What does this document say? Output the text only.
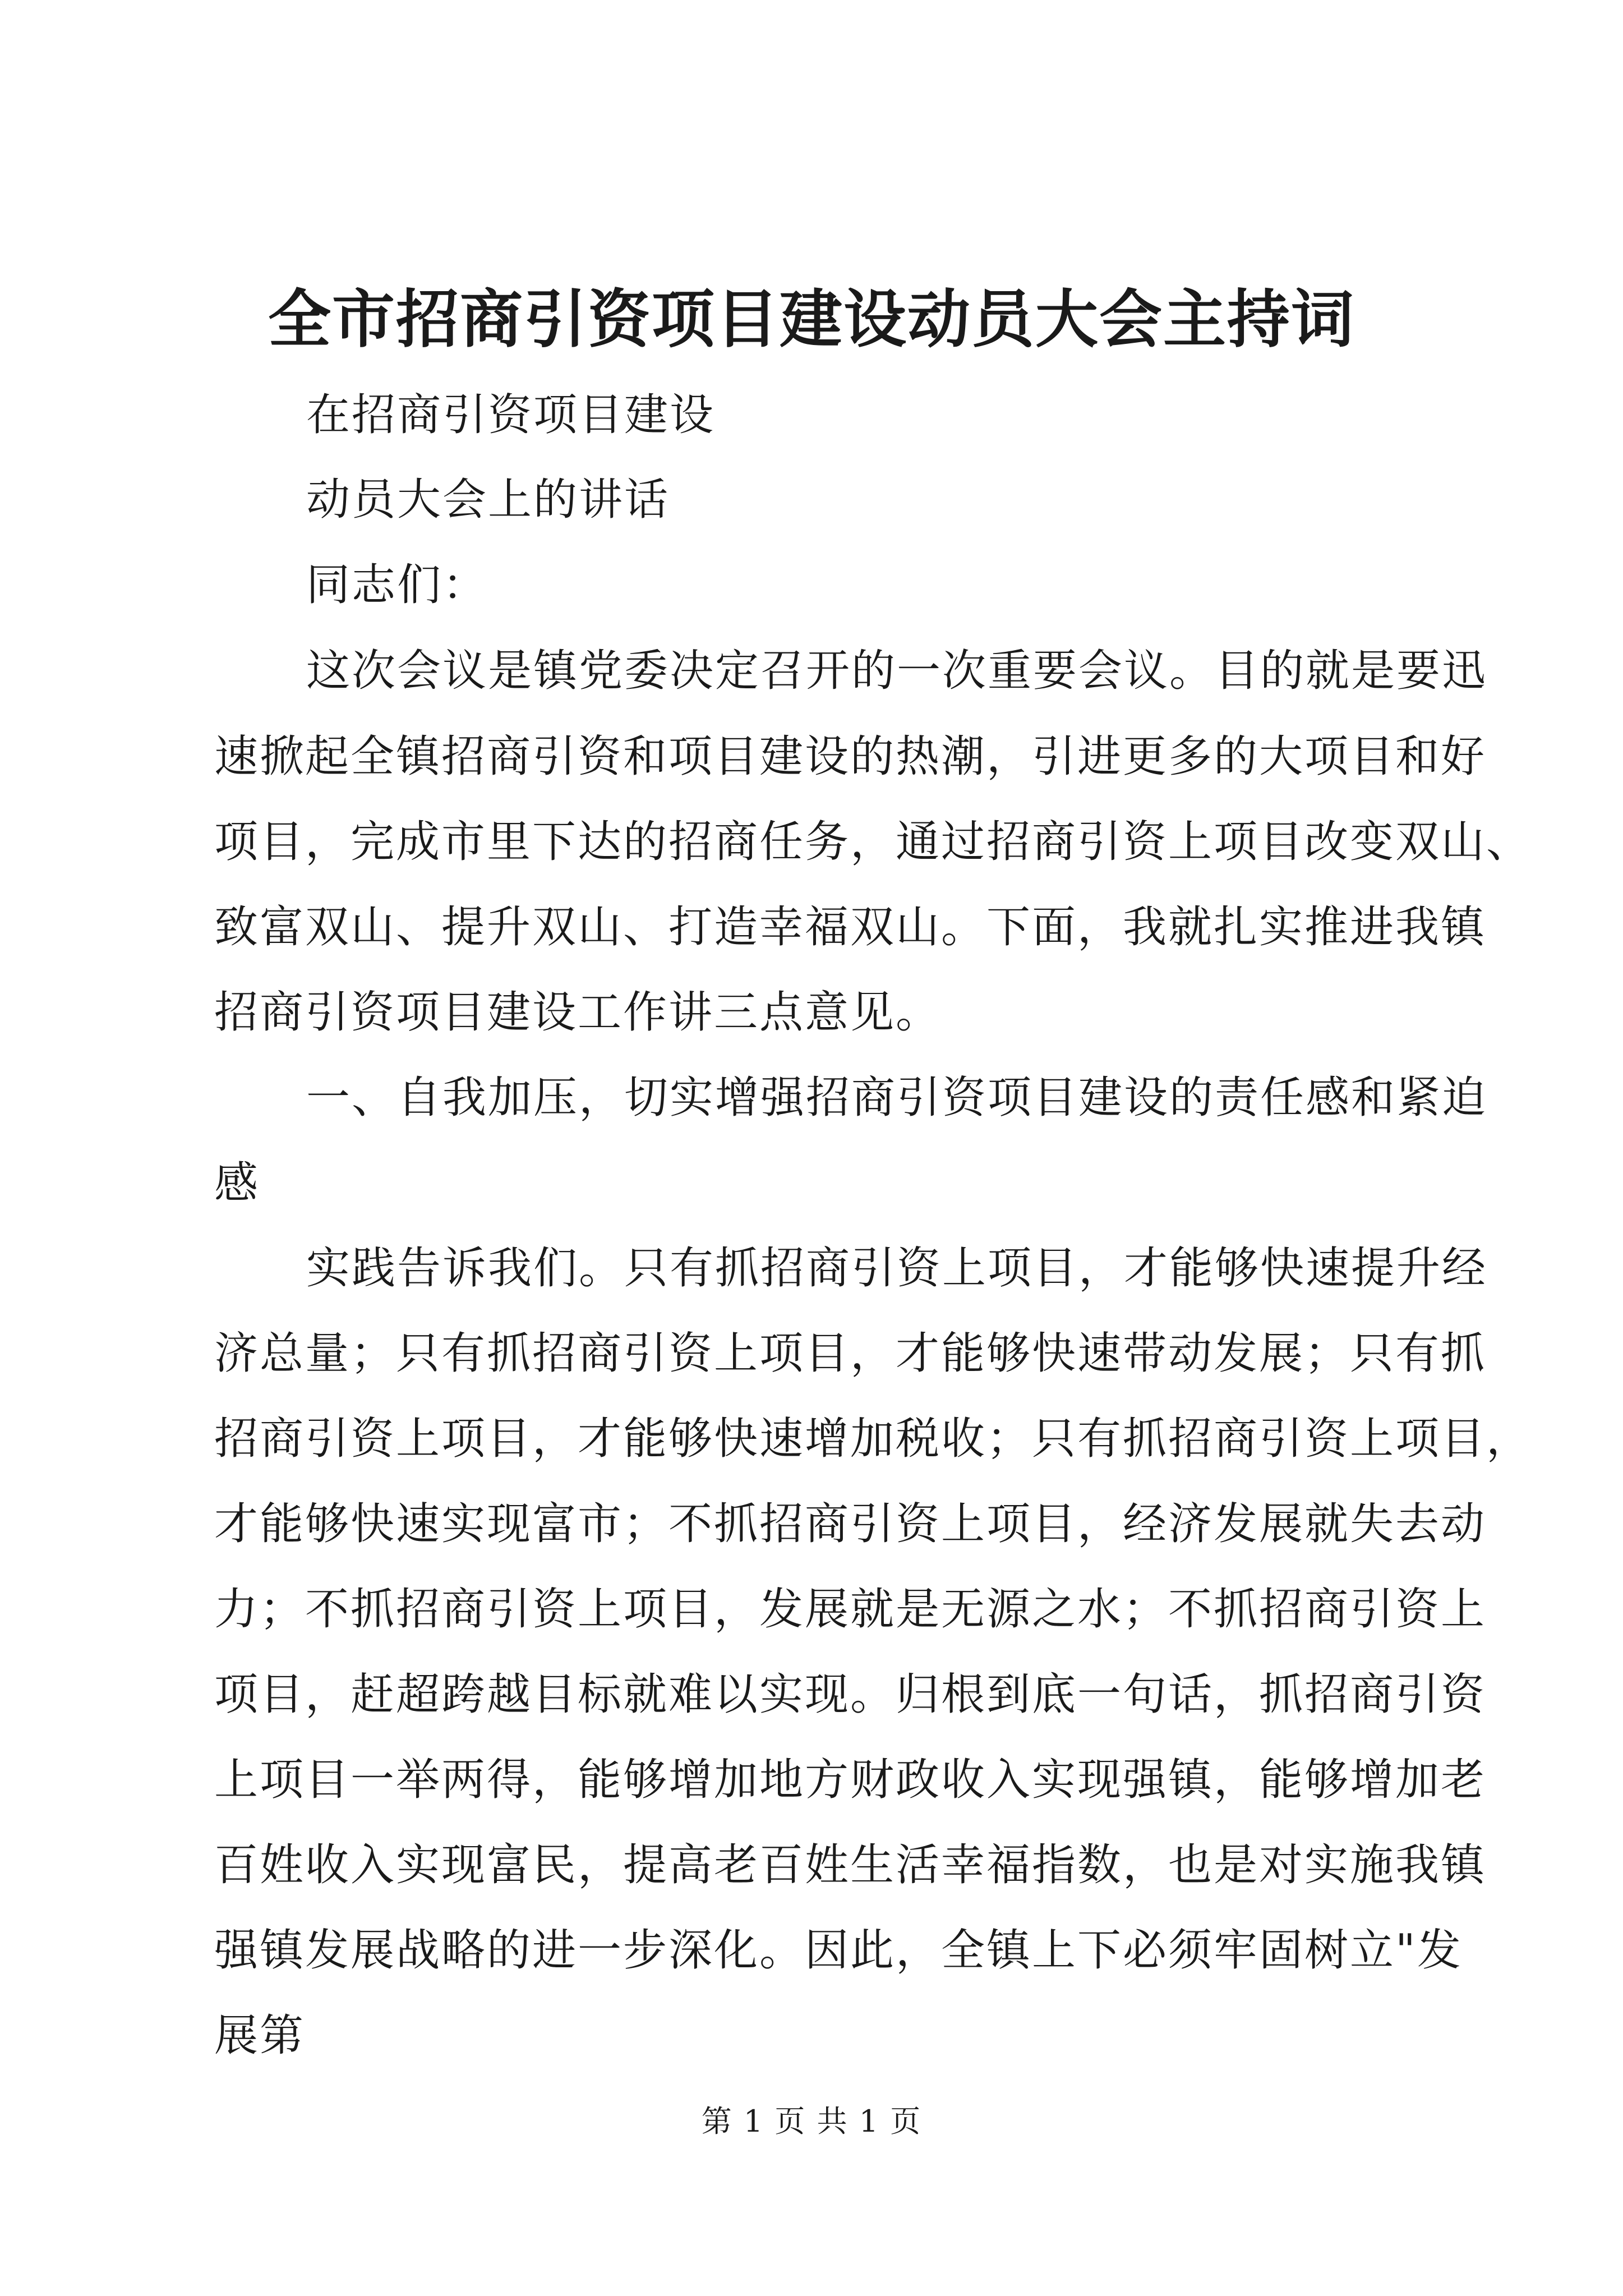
全市招商引资项目建设动员大会主持词
在招商引资项目建设
动员大会上的讲话
同志们：
这次会议是镇党委决定召开的一次重要会议。目的就是要迅
速掀起全镇招商引资和项目建设的热潮，引进更多的大项目和好
项目，完成市里下达的招商任务，通过招商引资上项目改变双山、
致富双山、提升双山、打造幸福双山。下面，我就扎实推进我镇
招商引资项目建设工作讲三点意见。
一、自我加压，切实增强招商引资项目建设的责任感和紧迫
感
实践告诉我们。只有抓招商引资上项目，才能够快速提升经
济总量；只有抓招商引资上项目，才能够快速带动发展；只有抓
招商引资上项目，才能够快速增加税收；只有抓招商引资上项目，
才能够快速实现富市；不抓招商引资上项目，经济发展就失去动
力；不抓招商引资上项目，发展就是无源之水；不抓招商引资上
项目，赶超跨越目标就难以实现。归根到底一句话，抓招商引资
上项目一举两得，能够增加地方财政收入实现强镇，能够增加老
百姓收入实现富民，提高老百姓生活幸福指数，也是对实施我镇
强镇发展战略的进一步深化。因此，全镇上下必须牢固树立"发
展第
第 1 页 共 1 页
